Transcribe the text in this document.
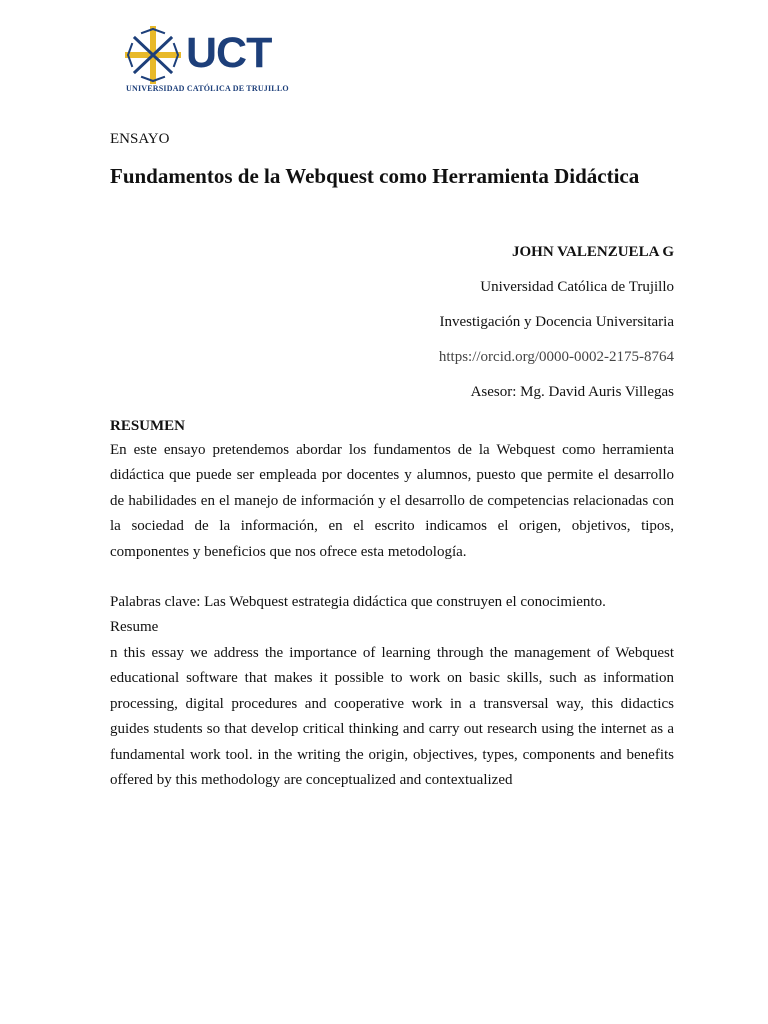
UCT
UNIVERSIDAD CATÓLICA DE TRUJILLO
ENSAYO
Fundamentos de la Webquest como Herramienta Didáctica
JOHN VALENZUELA G
Universidad Católica de Trujillo
Investigación y Docencia Universitaria
https://orcid.org/0000-0002-2175-8764
Asesor: Mg. David Auris Villegas
RESUMEN
En este ensayo pretendemos abordar los fundamentos de la Webquest como herramienta didáctica que puede ser empleada por docentes y alumnos, puesto que permite el desarrollo de habilidades en el manejo de información y el desarrollo de competencias relacionadas con la sociedad de la información, en el escrito indicamos el origen, objetivos, tipos, componentes y beneficios que nos ofrece esta metodología.
Palabras clave: Las Webquest estrategia didáctica que construyen el conocimiento.
Resume
n this essay we address the importance of learning through the management of Webquest educational software that makes it possible to work on basic skills, such as information processing, digital procedures and cooperative work in a transversal way, this didactics guides students so that develop critical thinking and carry out research using the internet as a fundamental work tool. in the writing the origin, objectives, types, components and benefits offered by this methodology are conceptualized and contextualized
